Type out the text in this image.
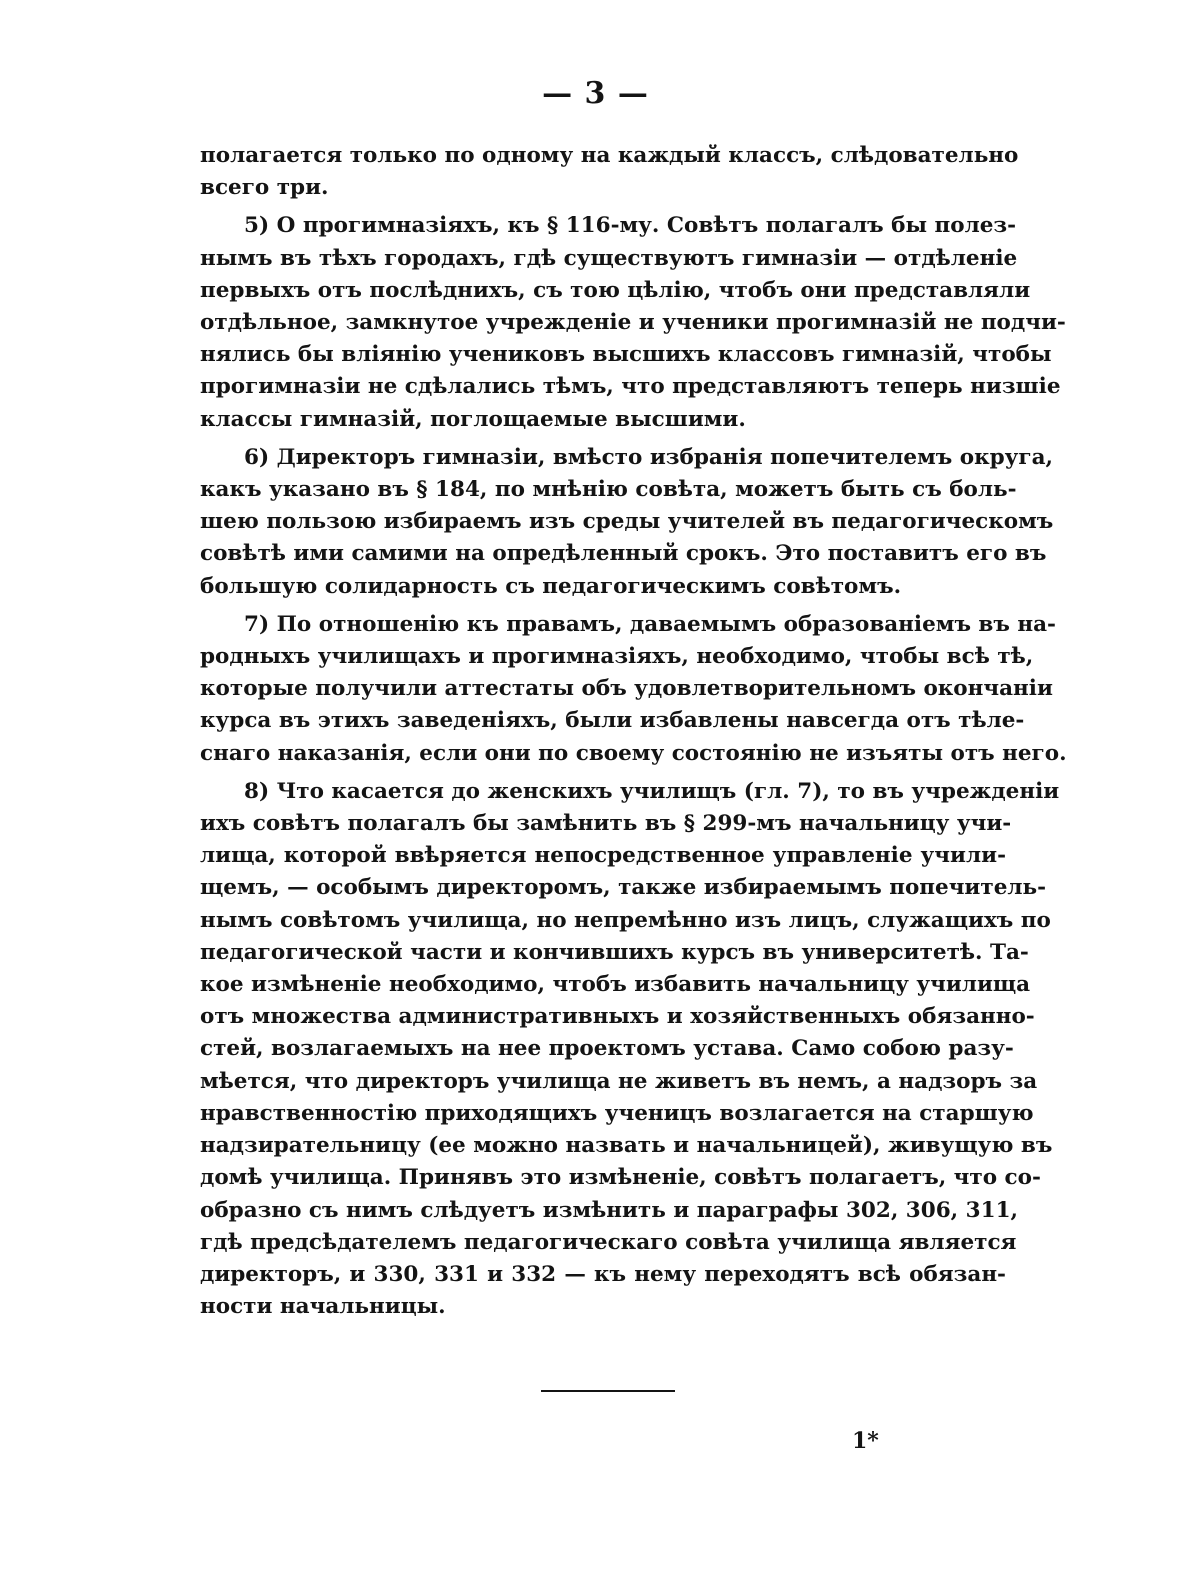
— 3 —
полагается только по одному на каждый классъ, слѣдовательно
всего три.
5) О прогимназіяхъ, къ § 116-му. Совѣтъ полагалъ бы полез-
нымъ въ тѣхъ городахъ, гдѣ существуютъ гимназіи — отдѣленіе
первыхъ отъ послѣднихъ, съ тою цѣлію, чтобъ они представляли
отдѣльное, замкнутое учрежденіе и ученики прогимназій не подчи-
нялись бы вліянію учениковъ высшихъ классовъ гимназій, чтобы
прогимназіи не сдѣлались тѣмъ, что представляютъ теперь низшіе
классы гимназій, поглощаемые высшими.
6) Директоръ гимназіи, вмѣсто избранія попечителемъ округа,
какъ указано въ § 184, по мнѣнію совѣта, можетъ быть съ боль-
шею пользою избираемъ изъ среды учителей въ педагогическомъ
совѣтѣ ими самими на опредѣленный срокъ. Это поставитъ его въ
большую солидарность съ педагогическимъ совѣтомъ.
7) По отношенію къ правамъ, даваемымъ образованіемъ въ на-
родныхъ училищахъ и прогимназіяхъ, необходимо, чтобы всѣ тѣ,
которые получили аттестаты объ удовлетворительномъ окончаніи
курса въ этихъ заведеніяхъ, были избавлены навсегда отъ тѣле-
снаго наказанія, если они по своему состоянію не изъяты отъ него.
8) Что касается до женскихъ училищъ (гл. 7), то въ учрежденіи
ихъ совѣтъ полагалъ бы замѣнить въ § 299-мъ начальницу учи-
лища, которой ввѣряется непосредственное управленіе учили-
щемъ, — особымъ директоромъ, также избираемымъ попечитель-
нымъ совѣтомъ училища, но непремѣнно изъ лицъ, служащихъ по
педагогической части и кончившихъ курсъ въ университетѣ. Та-
кое измѣненіе необходимо, чтобъ избавить начальницу училища
отъ множества административныхъ и хозяйственныхъ обязанно-
стей, возлагаемыхъ на нее проектомъ устава. Само собою разу-
мѣется, что директоръ училища не живетъ въ немъ, а надзоръ за
нравственностію приходящихъ ученицъ возлагается на старшую
надзирательницу (ее можно назвать и начальницей), живущую въ
домѣ училища. Принявъ это измѣненіе, совѣтъ полагаетъ, что со-
образно съ нимъ слѣдуетъ измѣнить и параграфы 302, 306, 311,
гдѣ предсѣдателемъ педагогическаго совѣта училища является
директоръ, и 330, 331 и 332 — къ нему переходятъ всѣ обязан-
ности начальницы.
1*
